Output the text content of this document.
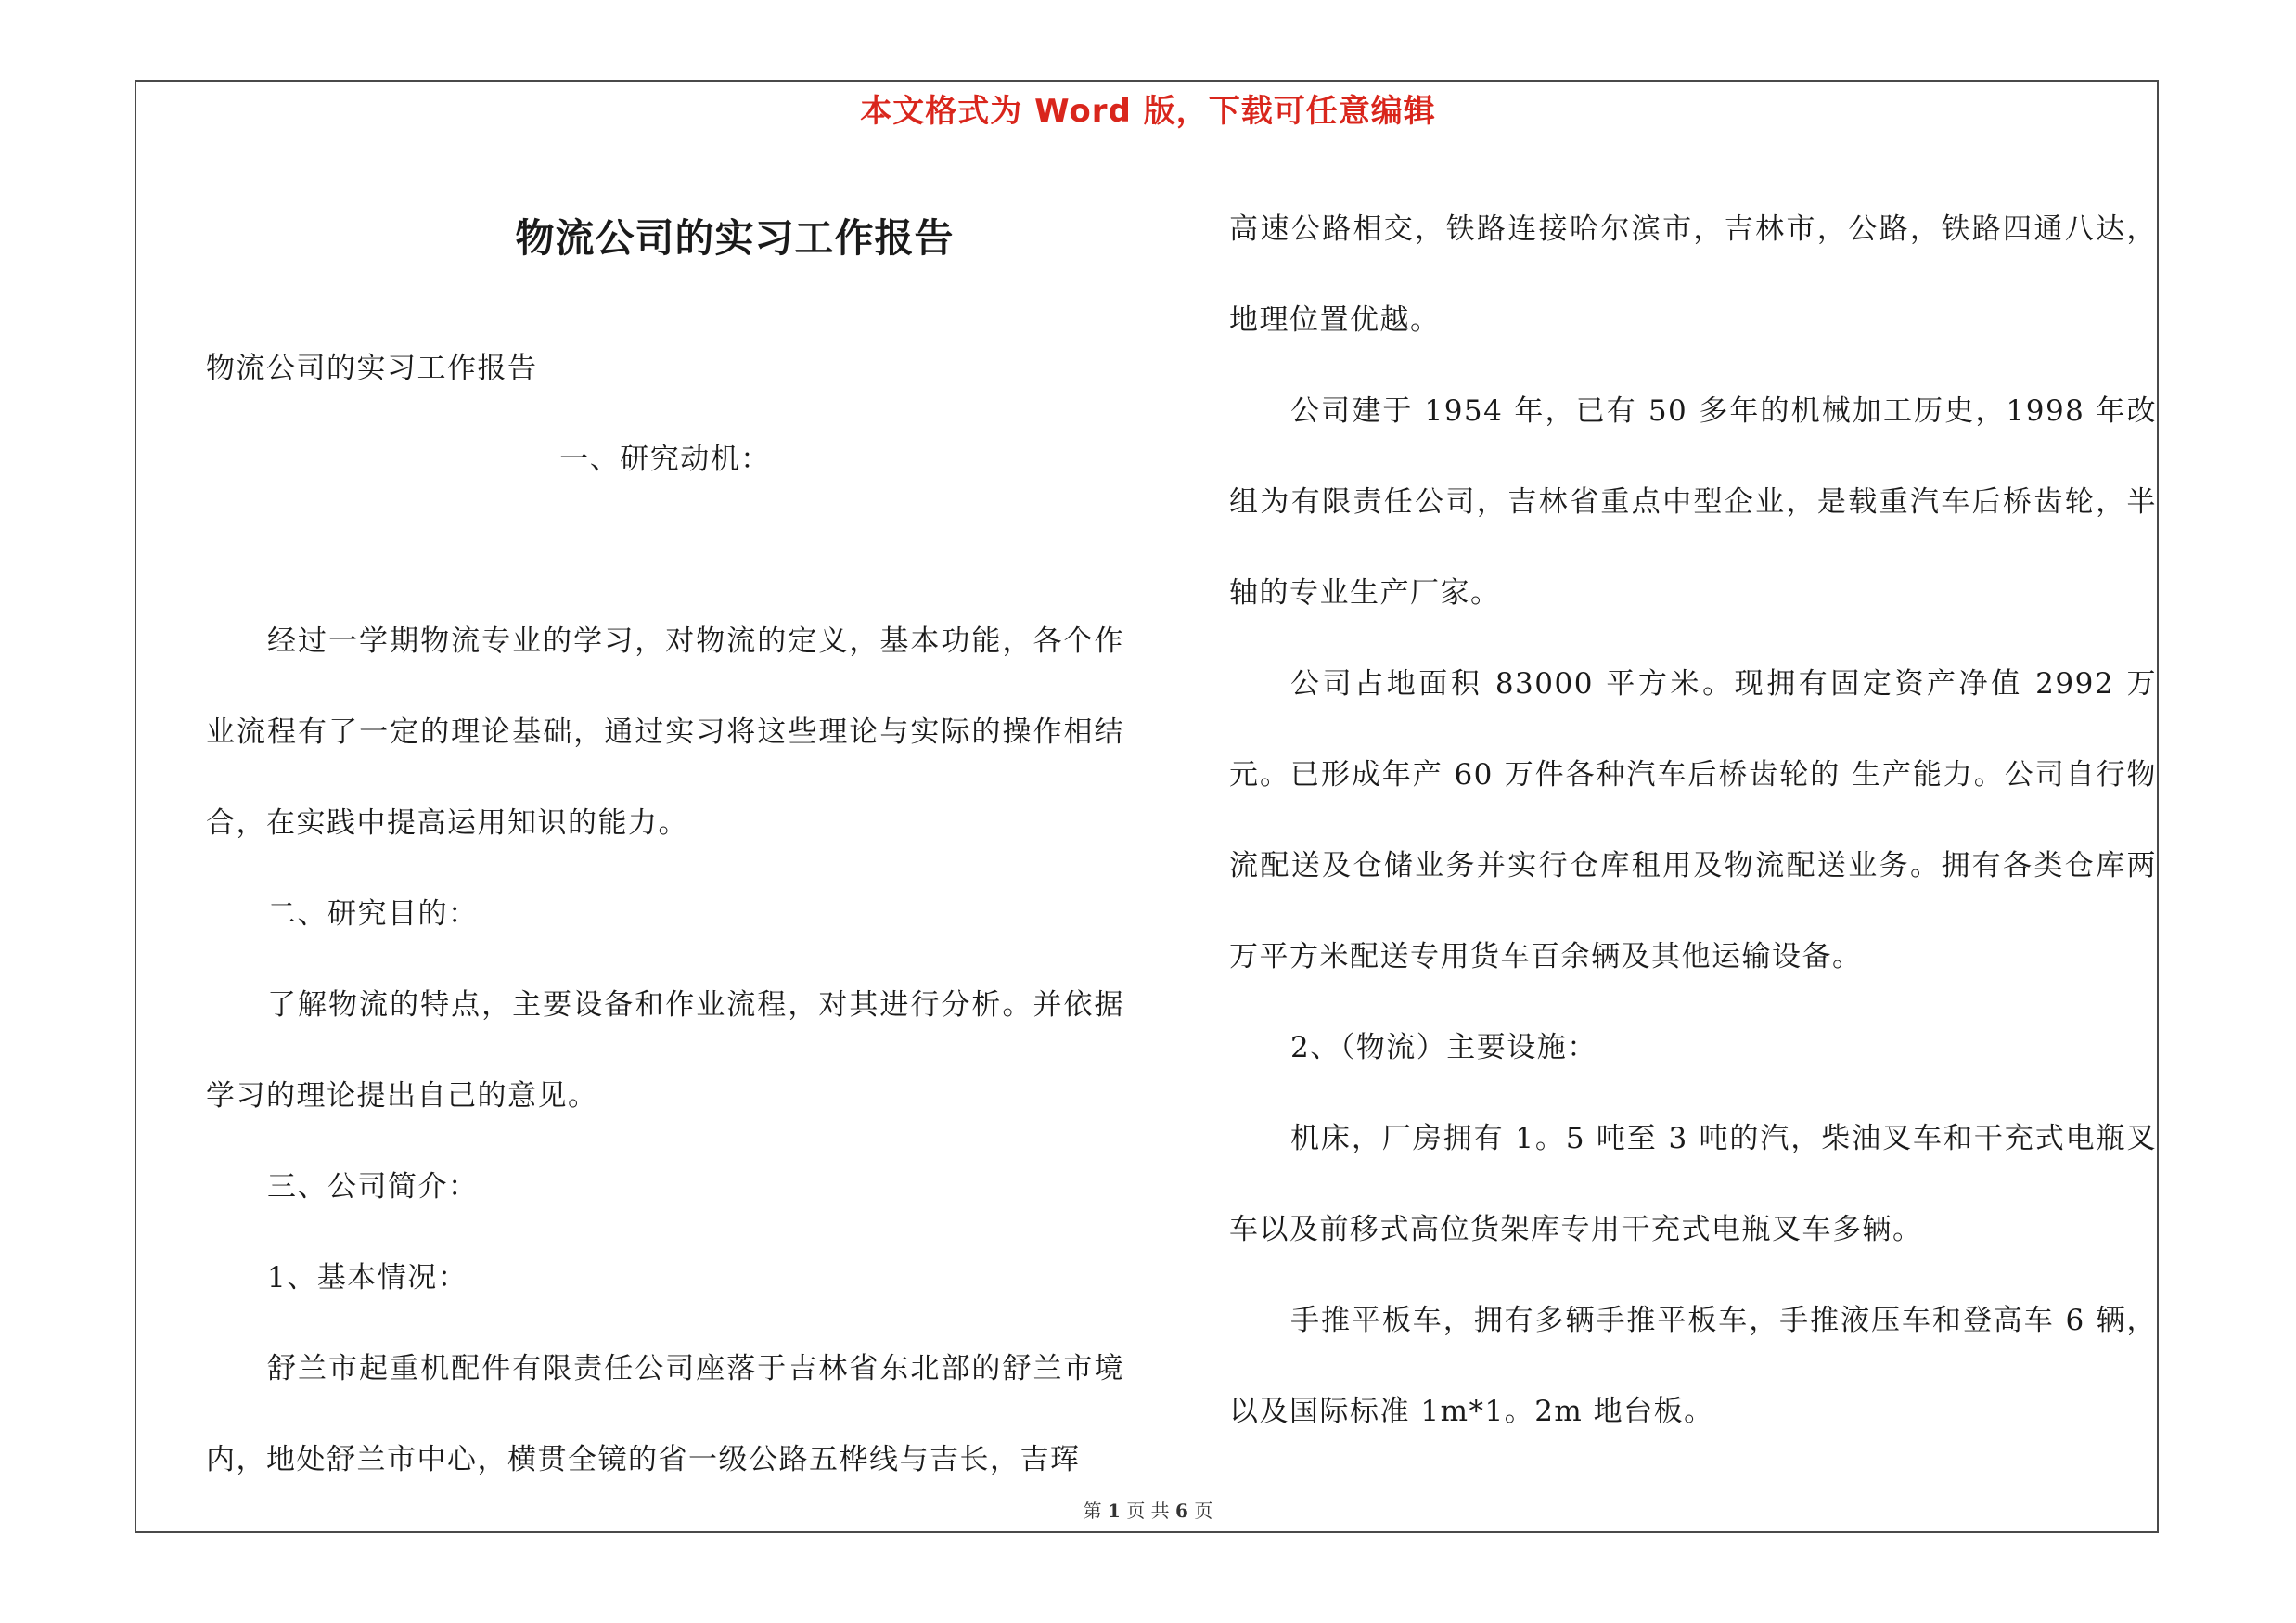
本文格式为 Word 版，下载可任意编辑
物流公司的实习工作报告

物流公司的实习工作报告

一、研究动机：

经过一学期物流专业的学习，对物流的定义，基本功能，各个作业流程有了一定的理论基础，通过实习将这些理论与实际的操作相结合，在实践中提高运用知识的能力。

二、研究目的：

了解物流的特点，主要设备和作业流程，对其进行分析。并依据学习的理论提出自己的意见。

三、公司简介：

1、基本情况：

舒兰市起重机配件有限责任公司座落于吉林省东北部的舒兰市境内，地处舒兰市中心，横贯全镜的省一级公路五桦线与吉长，吉珲

高速公路相交，铁路连接哈尔滨市，吉林市，公路，铁路四通八达，地理位置优越。

公司建于 1954 年，已有 50 多年的机械加工历史，1998 年改组为有限责任公司，吉林省重点中型企业，是载重汽车后桥齿轮，半轴的专业生产厂家。

公司占地面积 83000 平方米。现拥有固定资产净值 2992 万元。已形成年产 60 万件各种汽车后桥齿轮的 生产能力。公司自行物流配送及仓储业务并实行仓库租用及物流配送业务。拥有各类仓库两万平方米配送专用货车百余辆及其他运输设备。

2、（物流）主要设施：

机床，厂房拥有 1。5 吨至 3 吨的汽，柴油叉车和干充式电瓶叉车以及前移式高位货架库专用干充式电瓶叉车多辆。

手推平板车，拥有多辆手推平板车，手推液压车和登高车 6 辆，以及国际标准 1m*1。2m 地台板。

第 1 页 共 6 页
